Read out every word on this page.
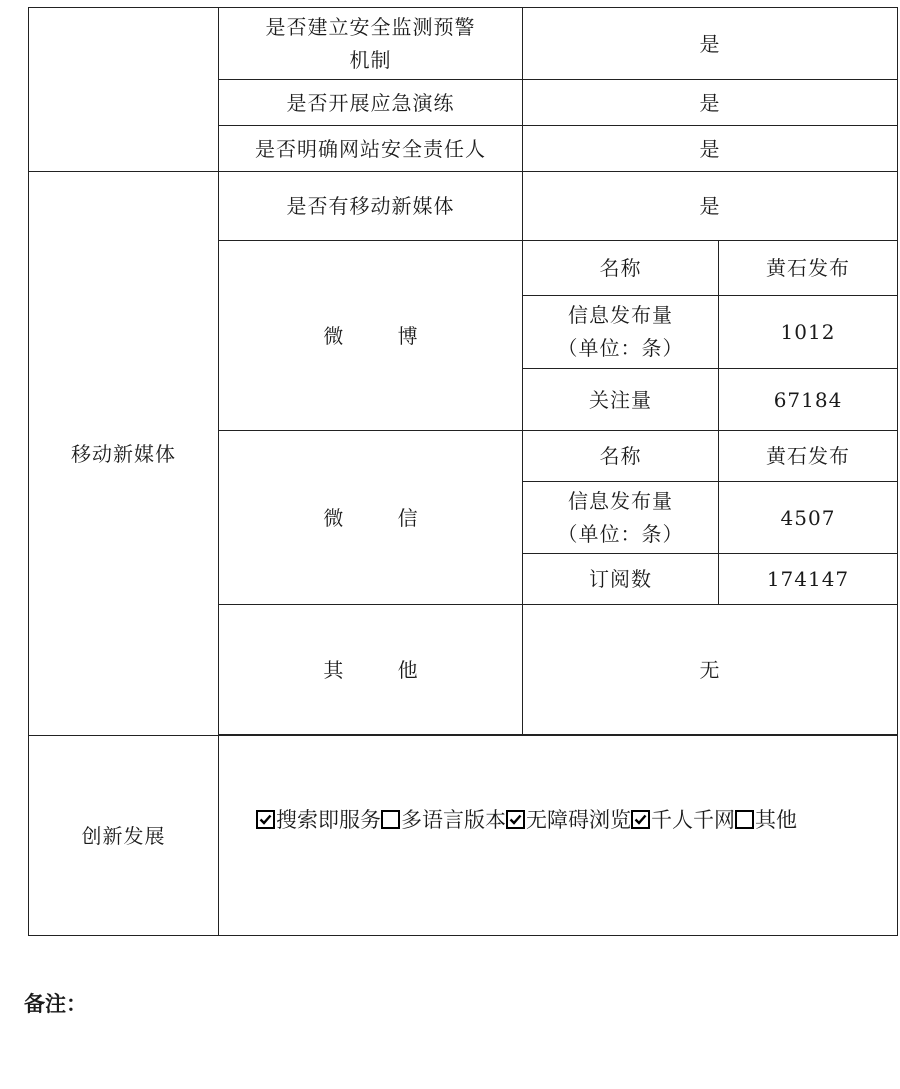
	是否建立安全监测预警
机制	是	
	是否开展应急演练	是	
	是否明确网站安全责任人	是	
移动新媒体	是否有移动新媒体	是	
	微 博	名称	黄石发布
		信息发布量
（单位：条）	1012
		关注量	67184
	微 信	名称	黄石发布
		信息发布量
（单位：条）	4507
		订阅数	174147
	其 他	无	

创新发展	搜索即服务 多语言版本 无障碍浏览 千人千网 其他		
备注：
